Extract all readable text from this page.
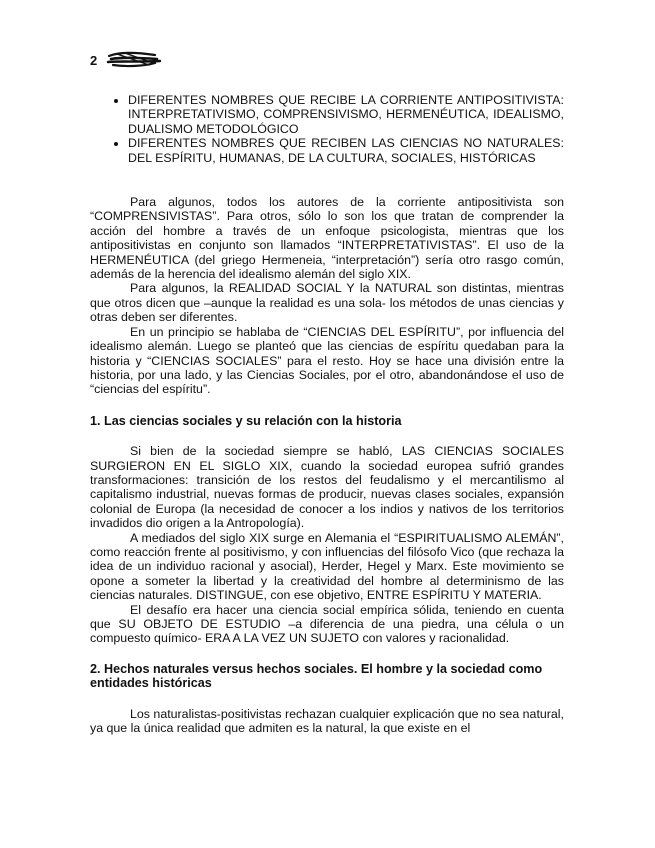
2
• DIFERENTES NOMBRES QUE RECIBE LA CORRIENTE ANTIPOSITIVISTA: INTERPRETATIVISMO, COMPRENSIVISMO, HERMENÉUTICA, IDEALISMO, DUALISMO METODOLÓGICO
• DIFERENTES NOMBRES QUE RECIBEN LAS CIENCIAS NO NATURALES: DEL ESPÍRITU, HUMANAS, DE LA CULTURA, SOCIALES, HISTÓRICAS

Para algunos, todos los autores de la corriente antipositivista son “COMPRENSIVISTAS”. Para otros, sólo lo son los que tratan de comprender la acción del hombre a través de un enfoque psicologista, mientras que los antipositivistas en conjunto son llamados “INTERPRETATIVISTAS”. El uso de la HERMENÉUTICA (del griego Hermeneia, “interpretación”) sería otro rasgo común, además de la herencia del idealismo alemán del siglo XIX.

Para algunos, la REALIDAD SOCIAL Y la NATURAL son distintas, mientras que otros dicen que –aunque la realidad es una sola- los métodos de unas ciencias y otras deben ser diferentes.

En un principio se hablaba de “CIENCIAS DEL ESPÍRITU”, por influencia del idealismo alemán. Luego se planteó que las ciencias de espíritu quedaban para la historia y “CIENCIAS SOCIALES” para el resto. Hoy se hace una división entre la historia, por una lado, y las Ciencias Sociales, por el otro, abandonándose el uso de “ciencias del espíritu”.

1. Las ciencias sociales y su relación con la historia

Si bien de la sociedad siempre se habló, LAS CIENCIAS SOCIALES SURGIERON EN EL SIGLO XIX, cuando la sociedad europea sufrió grandes transformaciones: transición de los restos del feudalismo y el mercantilismo al capitalismo industrial, nuevas formas de producir, nuevas clases sociales, expansión colonial de Europa (la necesidad de conocer a los indios y nativos de los territorios invadidos dio origen a la Antropología).

A mediados del siglo XIX surge en Alemania el “ESPIRITUALISMO ALEMÁN”, como reacción frente al positivismo, y con influencias del filósofo Vico (que rechaza la idea de un individuo racional y asocial), Herder, Hegel y Marx. Este movimiento se opone a someter la libertad y la creatividad del hombre al determinismo de las ciencias naturales. DISTINGUE, con ese objetivo, ENTRE ESPÍRITU Y MATERIA.

El desafío era hacer una ciencia social empírica sólida, teniendo en cuenta que SU OBJETO DE ESTUDIO –a diferencia de una piedra, una célula o un compuesto químico- ERA A LA VEZ UN SUJETO con valores y racionalidad.

2. Hechos naturales versus hechos sociales. El hombre y la sociedad como entidades históricas

Los naturalistas-positivistas rechazan cualquier explicación que no sea natural, ya que la única realidad que admiten es la natural, la que existe en el
